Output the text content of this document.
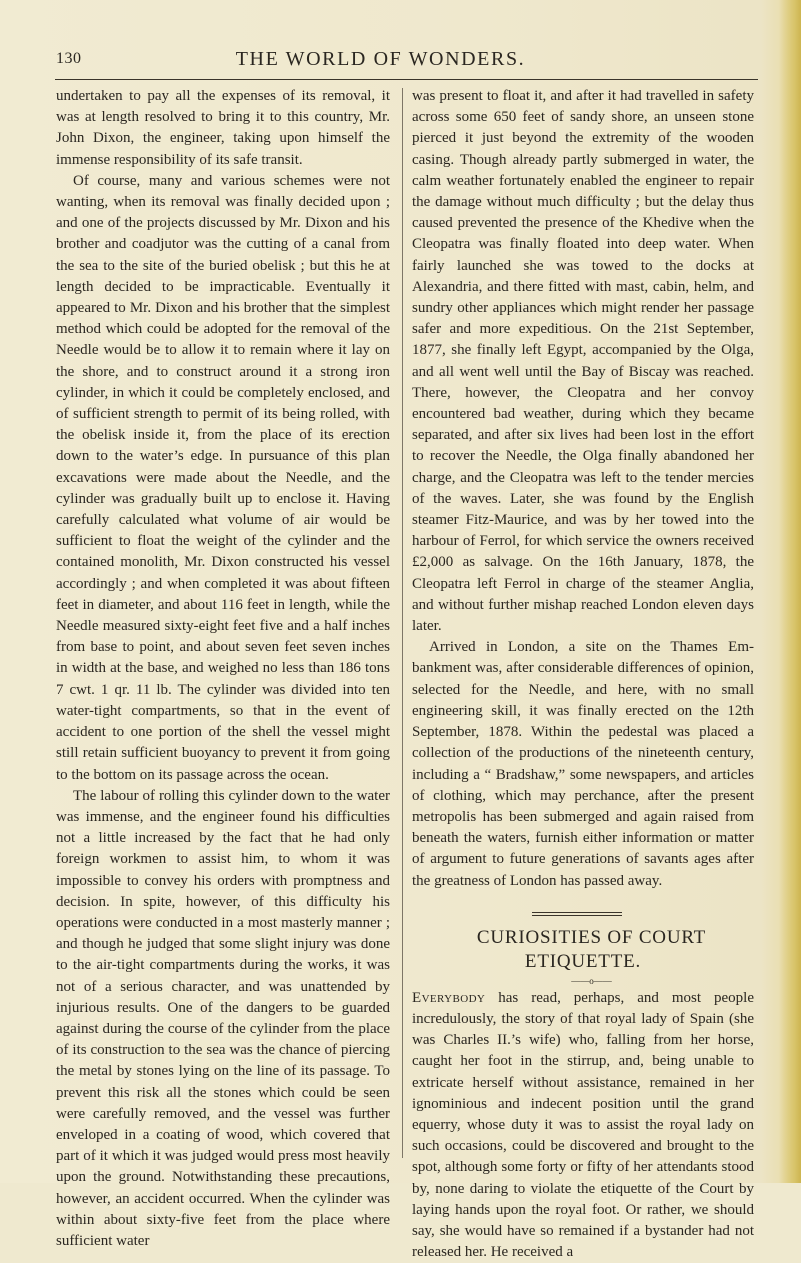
130	THE WORLD OF WONDERS.

undertaken to pay all the expenses of its removal, it was at length resolved to bring it to this country, Mr. John Dixon, the engineer, taking upon himself the immense responsibility of its safe transit.

Of course, many and various schemes were not wanting, when its removal was finally decided upon ; and one of the projects discussed by Mr. Dixon and his brother and coadjutor was the cutting of a canal from the sea to the site of the buried obelisk ; but this he at length decided to be impracticable. Eventually it appeared to Mr. Dixon and his brother that the simplest method which could be adopted for the removal of the Needle would be to allow it to remain where it lay on the shore, and to construct around it a strong iron cylinder, in which it could be completely enclosed, and of sufficient strength to permit of its being rolled, with the obelisk inside it, from the place of its erection down to the water’s edge. In pursuance of this plan excavations were made about the Needle, and the cylinder was gradually built up to enclose it. Having carefully calculated what volume of air would be sufficient to float the weight of the cylinder and the contained monolith, Mr. Dixon constructed his vessel accordingly ; and when completed it was about fifteen feet in diameter, and about 116 feet in length, while the Needle measured sixty-eight feet five and a half inches from base to point, and about seven feet seven inches in width at the base, and weighed no less than 186 tons 7 cwt. 1 qr. 11 lb. The cylinder was divided into ten water-tight compartments, so that in the event of accident to one portion of the shell the vessel might still retain sufficient buoyancy to prevent it from going to the bottom on its passage across the ocean.

The labour of rolling this cylinder down to the water was immense, and the engineer found his difficulties not a little increased by the fact that he had only foreign workmen to assist him, to whom it was impossible to convey his orders with promptness and decision. In spite, however, of this difficulty his operations were conducted in a most masterly manner ; and though he judged that some slight injury was done to the air-tight compartments during the works, it was not of a serious character, and was unattended by injurious results. One of the dangers to be guarded against during the course of the cylinder from the place of its construction to the sea was the chance of piercing the metal by stones lying on the line of its passage. To prevent this risk all the stones which could be seen were carefully removed, and the vessel was further enveloped in a coating of wood, which covered that part of it which it was judged would press most heavily upon the ground. Notwithstanding these precautions, however, an accident occurred. When the cylinder was within about sixty-five feet from the place where sufficient water

was present to float it, and after it had travelled in safety across some 650 feet of sandy shore, an unseen stone pierced it just beyond the extremity of the wooden casing. Though already partly submerged in water, the calm weather fortunately enabled the engineer to repair the damage without much difficulty ; but the delay thus caused prevented the presence of the Khedive when the Cleopatra was finally floated into deep water. When fairly launched she was towed to the docks at Alexandria, and there fitted with mast, cabin, helm, and sundry other appliances which might render her passage safer and more expeditious. On the 21st September, 1877, she finally left Egypt, accompanied by the Olga, and all went well until the Bay of Biscay was reached. There, however, the Cleopatra and her convoy encountered bad weather, during which they became separated, and after six lives had been lost in the effort to recover the Needle, the Olga finally abandoned her charge, and the Cleopatra was left to the tender mercies of the waves. Later, she was found by the English steamer Fitz-Maurice, and was by her towed into the harbour of Ferrol, for which service the owners received £2,000 as salvage. On the 16th January, 1878, the Cleopatra left Ferrol in charge of the steamer Anglia, and without further mishap reached London eleven days later.

Arrived in London, a site on the Thames Embankment was, after considerable differences of opinion, selected for the Needle, and here, with no small engineering skill, it was finally erected on the 12th September, 1878. Within the pedestal was placed a collection of the productions of the nineteenth century, including a “ Bradshaw,” some newspapers, and articles of clothing, which may perchance, after the present metropolis has been submerged and again raised from beneath the waters, furnish either information or matter of argument to future generations of savants ages after the greatness of London has passed away.

CURIOSITIES OF COURT ETIQUETTE.

——o——

Everybody has read, perhaps, and most people incredulously, the story of that royal lady of Spain (she was Charles II.’s wife) who, falling from her horse, caught her foot in the stirrup, and, being unable to extricate herself without assistance, remained in her ignominious and indecent position until the grand equerry, whose duty it was to assist the royal lady on such occasions, could be discovered and brought to the spot, although some forty or fifty of her attendants stood by, none daring to violate the etiquette of the Court by laying hands upon the royal foot. Or rather, we should say, she would have so remained if a bystander had not released her. He received a
